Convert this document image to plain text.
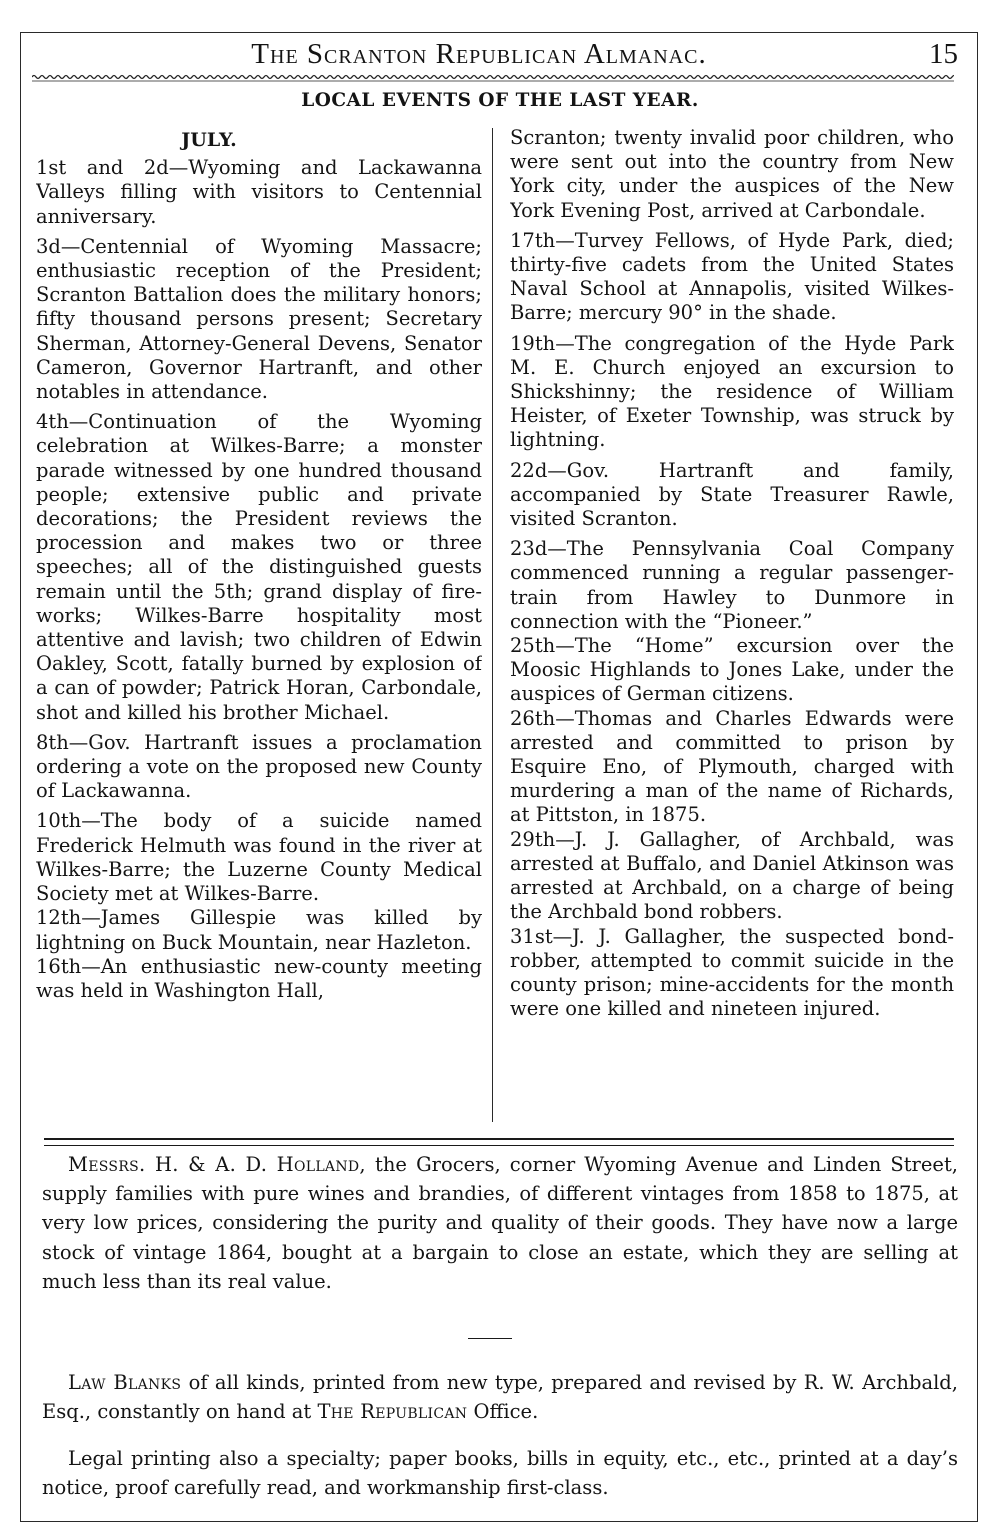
The Scranton Republican Almanac.	15
LOCAL EVENTS OF THE LAST YEAR.
JULY.

1st and 2d—Wyoming and Lackawanna Valleys filling with visitors to Centennial anniversary.

3d—Centennial of Wyoming Massacre; enthusiastic reception of the President; Scranton Battalion does the military honors; fifty thousand persons present; Secretary Sherman, Attorney-General Devens, Senator Cameron, Governor Hartranft, and other notables in attendance.

4th—Continuation of the Wyoming celebration at Wilkes-Barre; a monster parade witnessed by one hundred thousand people; extensive public and private decorations; the President reviews the procession and makes two or three speeches; all of the distinguished guests remain until the 5th; grand display of fire-works; Wilkes-Barre hospitality most attentive and lavish; two children of Edwin Oakley, Scott, fatally burned by explosion of a can of powder; Patrick Horan, Carbondale, shot and killed his brother Michael.

8th—Gov. Hartranft issues a proclamation ordering a vote on the proposed new County of Lackawanna.

10th—The body of a suicide named Frederick Helmuth was found in the river at Wilkes-Barre; the Luzerne County Medical Society met at Wilkes-Barre.

12th—James Gillespie was killed by lightning on Buck Mountain, near Hazleton.

16th—An enthusiastic new-county meeting was held in Washington Hall,

Scranton; twenty invalid poor children, who were sent out into the country from New York city, under the auspices of the New York Evening Post, arrived at Carbondale.

17th—Turvey Fellows, of Hyde Park, died; thirty-five cadets from the United States Naval School at Annapolis, visited Wilkes-Barre; mercury 90° in the shade.

19th—The congregation of the Hyde Park M. E. Church enjoyed an excursion to Shickshinny; the residence of William Heister, of Exeter Township, was struck by lightning.

22d—Gov. Hartranft and family, accompanied by State Treasurer Rawle, visited Scranton.

23d—The Pennsylvania Coal Company commenced running a regular passenger-train from Hawley to Dunmore in connection with the “Pioneer.”

25th—The “Home” excursion over the Moosic Highlands to Jones Lake, under the auspices of German citizens.

26th—Thomas and Charles Edwards were arrested and committed to prison by Esquire Eno, of Plymouth, charged with murdering a man of the name of Richards, at Pittston, in 1875.

29th—J. J. Gallagher, of Archbald, was arrested at Buffalo, and Daniel Atkinson was arrested at Archbald, on a charge of being the Archbald bond robbers.

31st—J. J. Gallagher, the suspected bond-robber, attempted to commit suicide in the county prison; mine-accidents for the month were one killed and nineteen injured.

Messrs. H. & A. D. Holland, the Grocers, corner Wyoming Avenue and Linden Street, supply families with pure wines and brandies, of different vintages from 1858 to 1875, at very low prices, considering the purity and quality of their goods. They have now a large stock of vintage 1864, bought at a bargain to close an estate, which they are selling at much less than its real value.

Law Blanks of all kinds, printed from new type, prepared and revised by R. W. Archbald, Esq., constantly on hand at The Republican Office.

Legal printing also a specialty; paper books, bills in equity, etc., etc., printed at a day’s notice, proof carefully read, and workmanship first-class.
